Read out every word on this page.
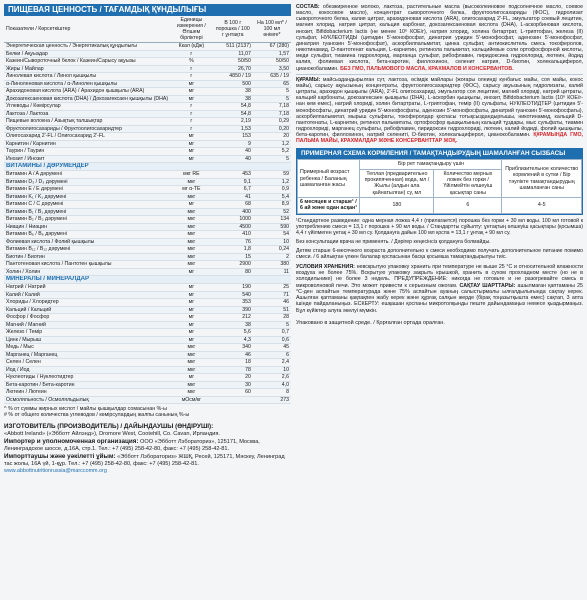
ПИЩЕВАЯ ЦЕННОСТЬ / ТАҒАМДЫҚ ҚҰНДЫЛЫҒЫ
Показатели / Көрсеткіштер	Единицы измерения / Өлшем бірліктері	В 100 г порошка / 100 г ұнтақта	На 100 мл* / 100 мл өнімге*
Энергетическая ценность / Энергетикалық құндылығы	Ккал (кДж)	511 (2137)	67 (280)
Белки / Ақуыздар	г	11,07	1,57
Казеин/Сывороточный белок / Казеин/Сарысу ақуызы	%	50/50	50/50
Жиры / Майлар	г	26,70	3,50
Линолевая кислота / Линол қышқылы	г	4850 / 19	635 / 19
α-Линоленовая кислота / α-Линолен қышқылы	мг	500	65
Арахидоновая кислота (ARA) / Арахидон қышқылы (ARA)	мг	38	5
Докозагексаеновая кислота (DHA) / Докозагексаен қышқылы (DHA)	мг	38	5
Углеводы / Көмірсулар	г	54,8	7,18
Лактоза / Лактоза	г	54,8	7,18
Пищевые волокна / Азықтық талшықтар	г	2,19	0,29
Фруктоолигосахариды / Фруктоолигосахаридтер	г	1,53	0,20
Олигосахарид 2'-FL / Олигосахарид 2'-FL	мг	153	20
Карнитин / Карнитин	мг	9	1,2
Таурин / Таурин	мг	40	5,2
Инозит / Инозит	мг	40	5
ВИТАМИНЫ / ДӘРУМЕНДЕР			
Витамин A / A дәрумені	мкг RE	453	59
Витамин D₃ / D₃ дәрумені	мкг	9,1	1,2
Витамин E / E дәрумені	мг α-TE	6,7	0,9
Витамин K₁ / K₁ дәрумені	мкг	41	5,4
Витамин C / C дәрумені	мг	68	8,9
Витамин B₁ / B₁ дәрумені	мкг	400	52
Витамин B₂ / B₂ дәрумені	мкг	1000	134
Ниацин / Ниацин	мкг	4500	590
Витамин B₆ / B₆ дәрумені	мкг	410	54
Фолиевая кислота / Фолий қышқылы	мкг	76	10
Витамин B₁₂ / B₁₂ дәрумені	мкг	1,8	0,24
Биотин / Биотин	мкг	15	2
Пантотеновая кислота / Пантотен қышқылы	мкг	2900	380
Холин / Холин	мг	80	11
МИНЕРАЛЫ / МИНЕРАЛДАР			
Натрий / Натрий	мг	190	25
Калий / Калий	мг	540	71
Хлориды / Хлоридтер	мг	353	46
Кальций / Кальций	мг	390	51
Фосфор / Фосфор	мг	212	28
Магний / Магний	мг	38	5
Железо / Темір	мг	5,6	0,7
Цинк / Мырыш	мг	4,3	0,6
Медь / Мыс	мкг	340	45
Марганец / Марганец	мкг	46	6
Селен / Селен	мкг	18	2,4
Йод / Йод	мкг	78	10
Нуклеотиды / Нуклеотидтер	мг	20	2,6
Бета-каротин / Бета-каротин	мкг	30	4,0
Лютеин / Лютеин	мкг	60	8
Осмоляльность / Осмоляльдылық	мОсм/кг		273
^ % от суммы жирных кислот / майлы қышқылдар сомасынан %-ы
# % от общего количества углеводов / көмірсулардың жалпы санының %-ы
ИЗГОТОВИТЕЛЬ (ПРОИЗВОДИТЕЛЬ) / ДАЙЫНДАУШЫ (ӨНДІРУШІ):
«Abbott Ireland» («Эбботт Айлэнд»), Dromore West, Cootehill, Co. Cavan, Ирландия.
Импортер и уполномоченная организация: ООО «Эбботт Лэбораториз», 125171, Москва, Ленинградское шоссе, д.16А, стр.1. Тел.: +7 (495) 258-42-80, факс: +7 (495) 258-42-81.
Импорттаушы және уәкілетті ұйым: «Эбботт Лэбораториз» ЖШҚ, Ресей, 125171, Мәскеу, Ленинград тас жолы, 16А үй, 1-құр. Тел.: +7 (495) 258-42-80, факс: +7 (495) 258-42-81.
www.abbottnutritionrussia@marccomm.org
СОСТАВ: обезжиренное молоко, лактоза, растительные масла (высоколеиновое подсолнечное масло, соевое масло, кокосовое масло), концентрат сывороточного белка, фруктоолигосахариды (ФОС), гидролизат сывороточного белка, калия цитрат, арахидоновая кислота (ARA), олигосахарид 2'-FL, эмульгатор соевый лецитин, магния хлорид, натрия цитрат, кальция карбонат, докозагексаеновая кислота (DHA), L-аскорбиновая кислота, инозит, Bifidobacterium lactis (не менее 10⁶ КОЕ/г), натрия хлорид, холина битартрат, L-триптофан, железа (II) сульфат, НУКЛЕОТИДЫ (цитидин 5'-монофосфат, динатрия уридин 5'-монофосфат, аденозин 5'-монофосфат, динатрия гуанозин 5'-монофосфат), аскорбилпальмитат, цинка сульфат, антиокислитель смесь токоферолов, никотинамид, D-пантотенат кальция, L-карнитин, ретинола пальмитат, кальцийевые соли ортофосфорной кислоты, меди сульфат, тиамина гидрохлорид, марганца сульфат, рибофлавин, пиридоксина гидрохлорид, лютеин, йодид калия, фолиевая кислота, бета-каротин, филлохинон, селенит натрия, D-биотин, холекальциферол, цианокобаламин. БЕЗ ГМО, ПАЛЬМОВОГО МАСЛА, КРАХМАЛОВ И КОНСЕРВАНТОВ.
ҚҰРАМЫ: майсыздандырылған сүт, лактоза, өсімдік майлары (жоғары олеинді күнбағыс майы, соя майы, кокос майы), сарысу ақуызының концентраты, фруктоолигосахаридтер (ФОС), сарысу ақуызының гидролизаты, калий цитраты, арахидон қышқылы (ARA), 2'-FL олигосахариді, эмульгатор соя лецитині, магний хлориді, натрий цитраты, кальций карбонаты, докозагексаен қышқылы (DHA), L-аскорбин қышқылы, инозит, Bifidobacterium lactis (10⁶ КОЕ/г-нан кем емес), натрий хлориді, холин битартраты, L-триптофан, темір (II) сульфаты, НУКЛЕОТИДТЕР (цитидин 5'-монофосфаты, динатрий уридин 5'-монофосфаты, аденозин 5'-монофосфаты, динатрий гуанозин 5'-монофосфаты), аскорбилпальмитат, мырыш сульфаты, токоферолдар қоспасы тотықсыздандырғышы, никотинамид, кальций D-пантотенаты, L-карнитин, ретинол пальмитаты, ортофосфор қышқылының кальций тұздары, мыс сульфаты, тиамин гидрохлориді, марганец сульфаты, рибофлавин, пиридоксин гидрохлориді, лютеин, калий йодиді, фолий қышқылы, бета-каротин, филлохинон, натрий селениті, D-биотин, холекальциферол, цианокобаламин. ҚҰРАМЫНДА ГМО, ПАЛЬМА МАЙЫ, КРАХМАЛДАР ЖӘНЕ КОНСЕРВАНТТАР ЖОҚ.
ПРИМЕРНАЯ СХЕМА КОРМЛЕНИЯ / ТАМАҚТАНДЫРУДЫҢ ШАМАЛАНҒАН СЫЗБАСЫ
Примерный возраст ребенка / Баланың шамаланған жасы	Бір рет тамақтандыру үшін		Приблизительное количество кормлений в сутки / Бір тәулікте тамақтандырудың шамаланған саны
	Теплая (предварительно прокипяченная) вода, мл / Жылы (алдын ала қайнатылған) су, мл	Количество мерных ложек без горки / Үйілмейтін өлшеуіш қасықтар саны	
6 месяцев и старше¹ / 6 ай және одан асқан¹	180	6	4-5
¹Стандартное разведение: одна мерная ложка 4,4 г (прилагается) порошка без горки + 30 мл воды. 100 мл готовой к употреблению смеси = 13,1 г порошка + 90 мл воды. / Стандартты сұйылту: ұнтақтың өлшеуіш қасықтары (қосымша) 4,4 г үйілмеген ұнтақ + 30 мл су. Қолдануға дайын 100 мл қоспа = 13,1 г ұнтақ + 90 мл су.
Без консультации врача не применять. / Дәрігер кеңесінсіз қолдануға болмайды.
Детям старше 6-месячного возраста дополнительно к смеси необходимо получать дополнительное питание помимо смеси. / 6 айлықтан үлкен балалар қоспасынан басқа қосымша тамақтандырылуы тиіс.
УСЛОВИЯ ХРАНЕНИЯ: невскрытую упаковку хранить при температуре не выше 25 °С и относительной влажности воздуха не более 75%. Вскрытую упаковку закрыть крышкой, хранить в сухом прохладном месте (но не в холодильнике) не более 3 недель. ПРЕДУПРЕЖДЕНИЕ: никогда не готовьте и не разогревайте смесь в микроволновой печи. Это может привести к серьезным ожогам. САҚТАУ ШАРТТАРЫ: ашылмаған қаптаманы 25 °С-ден аспайтын температурада және 75% аспайтын ауаның салыстырмалы ылғалдылығында сақтау керек. Ашылған қаптаманы қақпақпен жабу керек және құрғақ салқын жерде (бірақ тоңазытқышта емес) сақтап, 3 апта ішінде пайдаланыңыз. ЕСКЕРТУ: ешқашан қоспаны микротолқынды пеште дайындамаңыз немесе қыздырмаңыз. Бұл күйіктер алуға әкелуі мүмкін.
Упаковано в защитной среде. / Қорғалған ортада оралған.
